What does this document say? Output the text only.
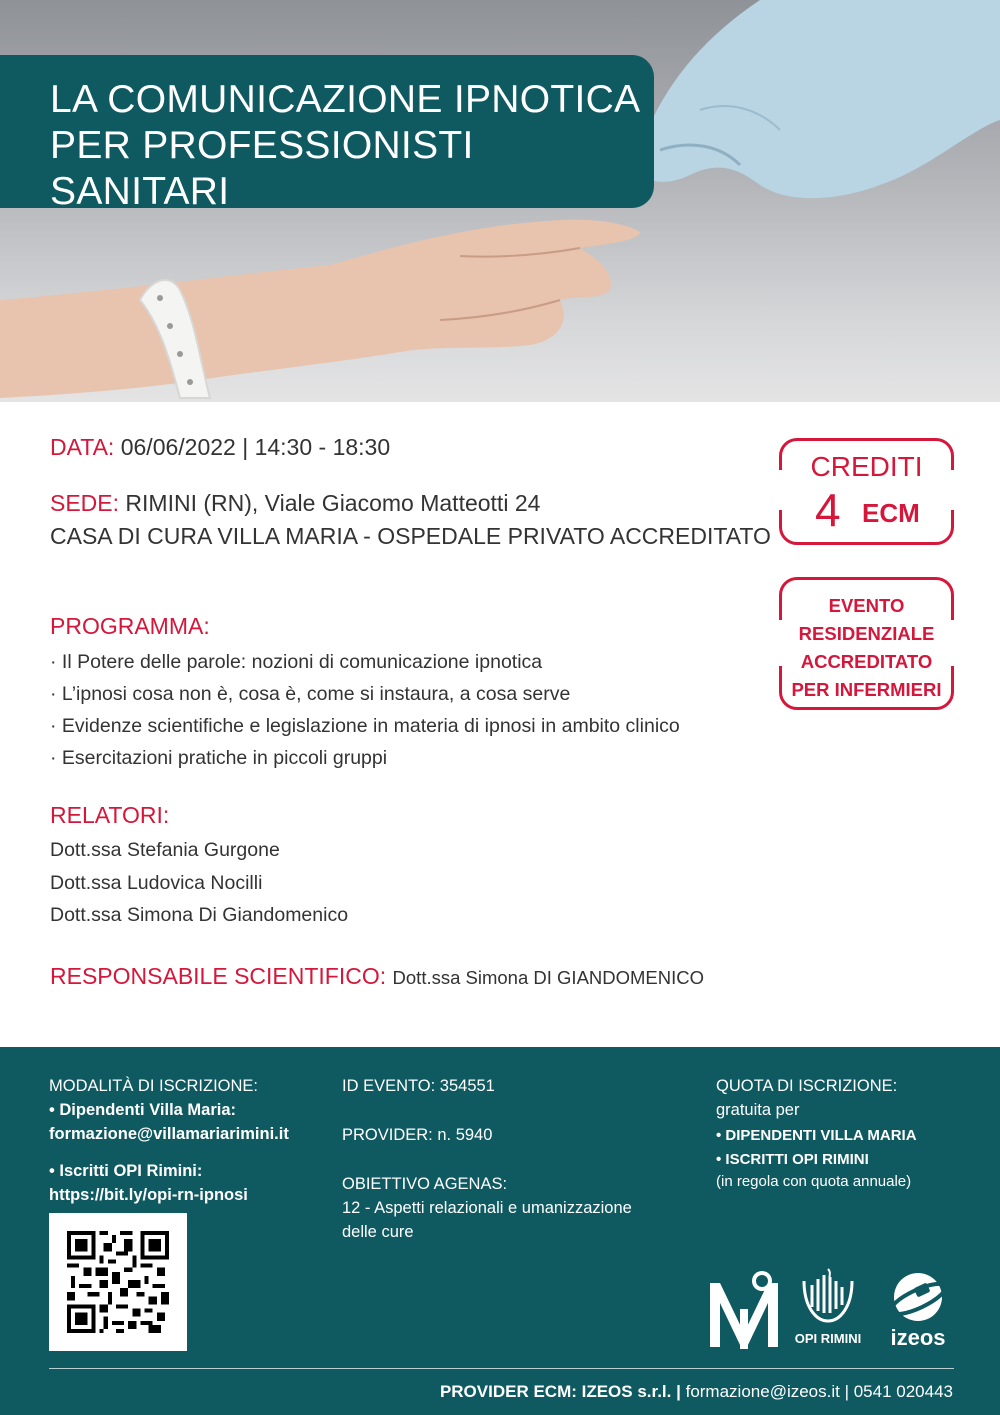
LA COMUNICAZIONE IPNOTICA
PER PROFESSIONISTI SANITARI
DATA: 06/06/2022 | 14:30 - 18:30
SEDE: RIMINI (RN), Viale Giacomo Matteotti 24
CASA DI CURA VILLA MARIA - OSPEDALE PRIVATO ACCREDITATO
PROGRAMMA:
· Il Potere delle parole: nozioni di comunicazione ipnotica
· L’ipnosi cosa non è, cosa è, come si instaura, a cosa serve
· Evidenze scientifiche e legislazione in materia di ipnosi in ambito clinico
· Esercitazioni pratiche in piccoli gruppi
RELATORI:
Dott.ssa Stefania Gurgone
Dott.ssa Ludovica Nocilli
Dott.ssa Simona Di Giandomenico
RESPONSABILE SCIENTIFICO: Dott.ssa Simona DI GIANDOMENICO
CREDITI
4 ECM
EVENTO
RESIDENZIALE
ACCREDITATO
PER INFERMIERI
MODALITÀ DI ISCRIZIONE:
• Dipendenti Villa Maria:
formazione@villamariarimini.it
• Iscritti OPI Rimini:
https://bit.ly/opi-rn-ipnosi
ID EVENTO: 354551
PROVIDER: n. 5940
OBIETTIVO AGENAS:
12 - Aspetti relazionali e umanizzazione
delle cure
QUOTA DI ISCRIZIONE:
gratuita per
• DIPENDENTI VILLA MARIA
• ISCRITTI OPI RIMINI
(in regola con quota annuale)
OPI RIMINI	izeos
PROVIDER ECM: IZEOS s.r.l. | formazione@izeos.it | 0541 020443
